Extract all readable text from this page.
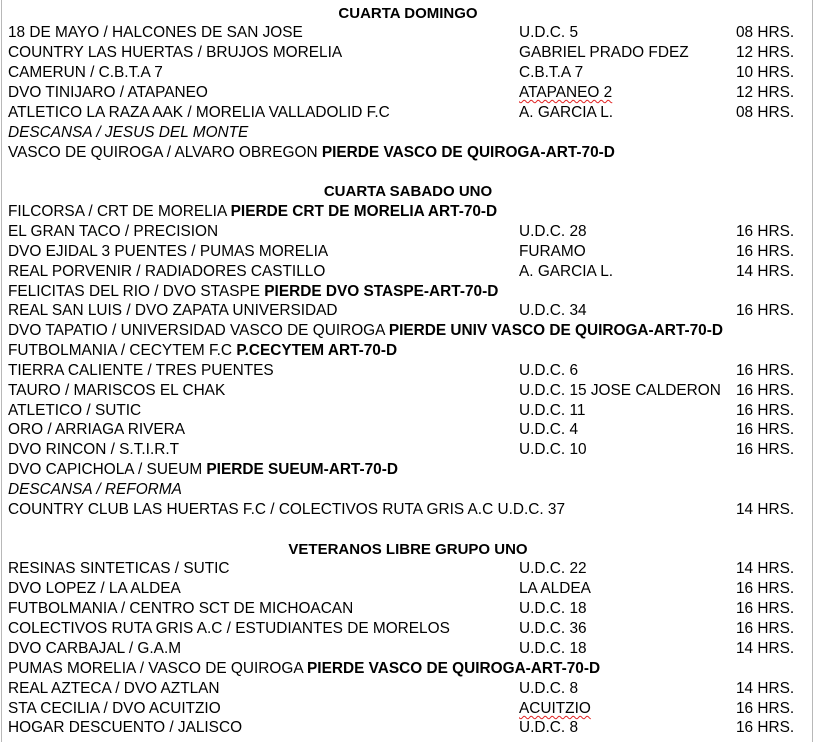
CUARTA DOMINGO
18 DE MAYO / HALCONES DE SAN JOSE	U.D.C. 5	08 HRS.
COUNTRY LAS HUERTAS / BRUJOS MORELIA	GABRIEL PRADO FDEZ	12 HRS.
CAMERUN / C.B.T.A 7	C.B.T.A 7	10 HRS.
DVO TINIJARO / ATAPANEO	ATAPANEO 2	12 HRS.
ATLETICO LA RAZA AAK / MORELIA VALLADOLID F.C	A. GARCIA L.	08 HRS.
DESCANSA / JESUS DEL MONTE
VASCO DE QUIROGA / ALVARO OBREGON PIERDE VASCO DE QUIROGA-ART-70-D
CUARTA SABADO UNO
FILCORSA / CRT DE MORELIA PIERDE CRT DE MORELIA ART-70-D
EL GRAN TACO / PRECISION	U.D.C. 28	16 HRS.
DVO EJIDAL 3 PUENTES / PUMAS MORELIA	FURAMO	16 HRS.
REAL PORVENIR / RADIADORES CASTILLO	A. GARCIA L.	14 HRS.
FELICITAS DEL RIO / DVO STASPE PIERDE DVO STASPE-ART-70-D
REAL SAN LUIS / DVO ZAPATA UNIVERSIDAD	U.D.C. 34	16 HRS.
DVO TAPATIO / UNIVERSIDAD VASCO DE QUIROGA PIERDE UNIV VASCO DE QUIROGA-ART-70-D
FUTBOLMANIA / CECYTEM F.C P.CECYTEM ART-70-D
TIERRA CALIENTE / TRES PUENTES	U.D.C. 6	16 HRS.
TAURO / MARISCOS EL CHAK	U.D.C. 15 JOSE CALDERON 16 HRS.
ATLETICO / SUTIC	U.D.C. 11	16 HRS.
ORO / ARRIAGA RIVERA	U.D.C. 4	16 HRS.
DVO RINCON / S.T.I.R.T	U.D.C. 10	16 HRS.
DVO CAPICHOLA / SUEUM PIERDE SUEUM-ART-70-D
DESCANSA / REFORMA
COUNTRY CLUB LAS HUERTAS F.C / COLECTIVOS RUTA GRIS A.C U.D.C. 37	14 HRS.
VETERANOS LIBRE GRUPO UNO
RESINAS SINTETICAS / SUTIC	U.D.C. 22	14 HRS.
DVO LOPEZ / LA ALDEA	LA ALDEA	16 HRS.
FUTBOLMANIA / CENTRO SCT DE MICHOACAN	U.D.C. 18	16 HRS.
COLECTIVOS RUTA GRIS A.C / ESTUDIANTES DE MORELOS	U.D.C. 36	16 HRS.
DVO CARBAJAL / G.A.M	U.D.C. 18	14 HRS.
PUMAS MORELIA / VASCO DE QUIROGA PIERDE VASCO DE QUIROGA-ART-70-D
REAL AZTECA / DVO AZTLAN	U.D.C. 8	14 HRS.
STA CECILIA / DVO ACUITZIO	ACUITZIO	16 HRS.
HOGAR DESCUENTO / JALISCO	U.D.C. 8	16 HRS.
